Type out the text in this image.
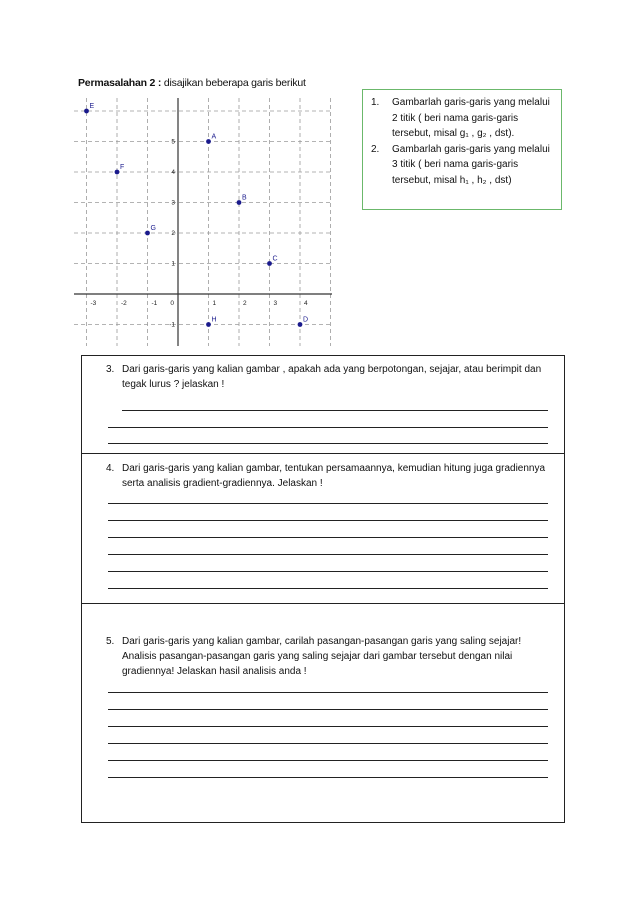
Permasalahan 2 : disajikan beberapa garis berikut
-3	-2	-1 0	1	2	3	4
5
4
3
2
1
-1
E
A
F
B
G
C
H	D
1.	Gambarlah garis-garis yang melalui 2 titik ( beri nama garis-garis tersebut, misal g₁ , g₂ , dst).
2.	Gambarlah garis-garis yang melalui 3 titik ( beri nama garis-garis tersebut, misal h₁ , h₂ , dst)
3. Dari garis-garis yang kalian gambar , apakah ada yang berpotongan, sejajar, atau berimpit dan tegak lurus ? jelaskan !
4. Dari garis-garis yang kalian gambar, tentukan persamaannya, kemudian hitung juga gradiennya serta analisis gradient-gradiennya. Jelaskan !
5. Dari garis-garis yang kalian gambar, carilah pasangan-pasangan garis yang saling sejajar! Analisis pasangan-pasangan garis yang saling sejajar dari gambar tersebut dengan nilai gradiennya! Jelaskan hasil analisis anda !
